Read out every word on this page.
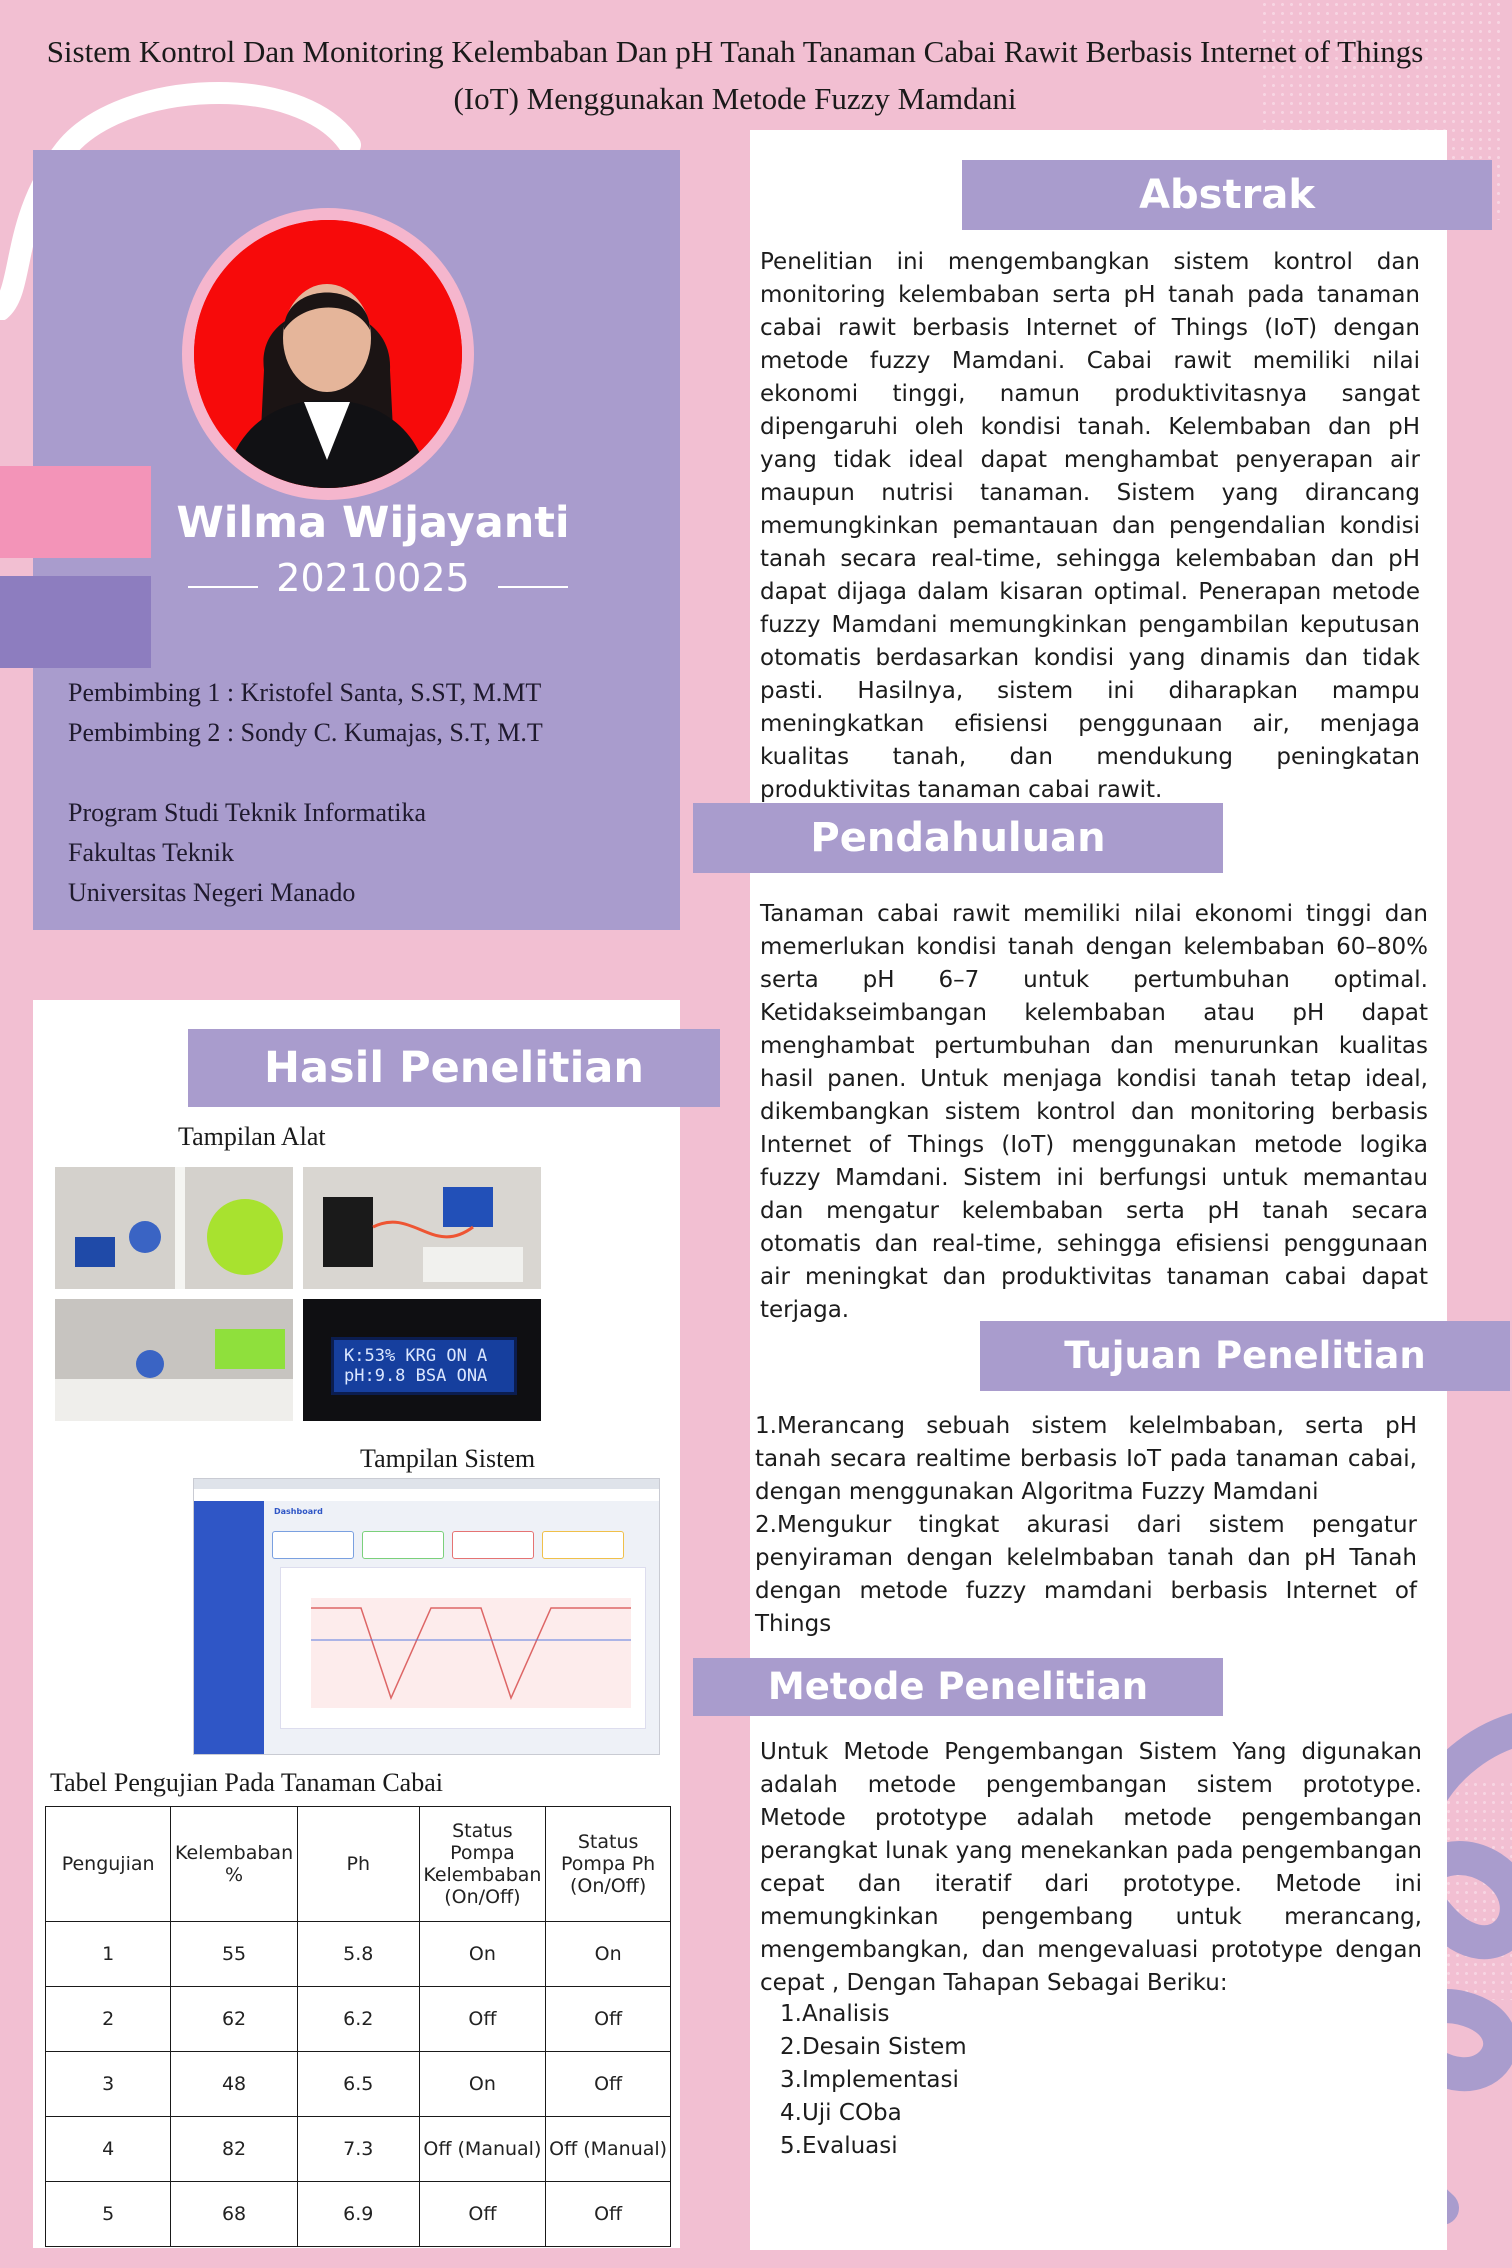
Sistem Kontrol Dan Monitoring Kelembaban Dan pH Tanah Tanaman Cabai Rawit Berbasis Internet of Things (IoT) Menggunakan Metode Fuzzy Mamdani
Wilma Wijayanti
20210025
Pembimbing 1 : Kristofel Santa, S.ST, M.MT
Pembimbing 2 : Sondy C. Kumajas, S.T, M.T
Program Studi Teknik Informatika
Fakultas Teknik
Universitas Negeri Manado
Abstrak
Penelitian ini mengembangkan sistem kontrol dan monitoring kelembaban serta pH tanah pada tanaman cabai rawit berbasis Internet of Things (IoT) dengan metode fuzzy Mamdani. Cabai rawit memiliki nilai ekonomi tinggi, namun produktivitasnya sangat dipengaruhi oleh kondisi tanah. Kelembaban dan pH yang tidak ideal dapat menghambat penyerapan air maupun nutrisi tanaman. Sistem yang dirancang memungkinkan pemantauan dan pengendalian kondisi tanah secara real-time, sehingga kelembaban dan pH dapat dijaga dalam kisaran optimal. Penerapan metode fuzzy Mamdani memungkinkan pengambilan keputusan otomatis berdasarkan kondisi yang dinamis dan tidak pasti. Hasilnya, sistem ini diharapkan mampu meningkatkan efisiensi penggunaan air, menjaga kualitas tanah, dan mendukung peningkatan produktivitas tanaman cabai rawit.
Pendahuluan
Tanaman cabai rawit memiliki nilai ekonomi tinggi dan memerlukan kondisi tanah dengan kelembaban 60–80% serta pH 6–7 untuk pertumbuhan optimal. Ketidakseimbangan kelembaban atau pH dapat menghambat pertumbuhan dan menurunkan kualitas hasil panen. Untuk menjaga kondisi tanah tetap ideal, dikembangkan sistem kontrol dan monitoring berbasis Internet of Things (IoT) menggunakan metode logika fuzzy Mamdani. Sistem ini berfungsi untuk memantau dan mengatur kelembaban serta pH tanah secara otomatis dan real-time, sehingga efisiensi penggunaan air meningkat dan produktivitas tanaman cabai dapat terjaga.
Tujuan Penelitian
1.Merancang sebuah sistem kelelmbaban, serta pH tanah secara realtime berbasis IoT pada tanaman cabai, dengan menggunakan Algoritma Fuzzy Mamdani
2.Mengukur tingkat akurasi dari sistem pengatur penyiraman dengan kelelmbaban tanah dan pH Tanah dengan metode fuzzy mamdani berbasis Internet of Things
Metode Penelitian
Untuk Metode Pengembangan Sistem Yang digunakan adalah metode pengembangan sistem prototype. Metode prototype adalah metode pengembangan perangkat lunak yang menekankan pada pengembangan cepat dan iteratif dari prototype. Metode ini memungkinkan pengembang untuk merancang, mengembangkan, dan mengevaluasi prototype dengan cepat , Dengan Tahapan Sebagai Beriku:
1.Analisis
2.Desain Sistem
3.Implementasi
4.Uji COba
5.Evaluasi
Hasil Penelitian
Tampilan Alat
K:53% KRG ON A
pH:9.8 BSA ONA
Tampilan Sistem
Dashboard
Tabel Pengujian Pada Tanaman Cabai
Pengujian	Kelembaban %	Ph	Status Pompa Kelembaban (On/Off)	Status Pompa Ph (On/Off)
1	55	5.8	On	On
2	62	6.2	Off	Off
3	48	6.5	On	Off
4	82	7.3	Off (Manual)	Off (Manual)
5	68	6.9	Off	Off
